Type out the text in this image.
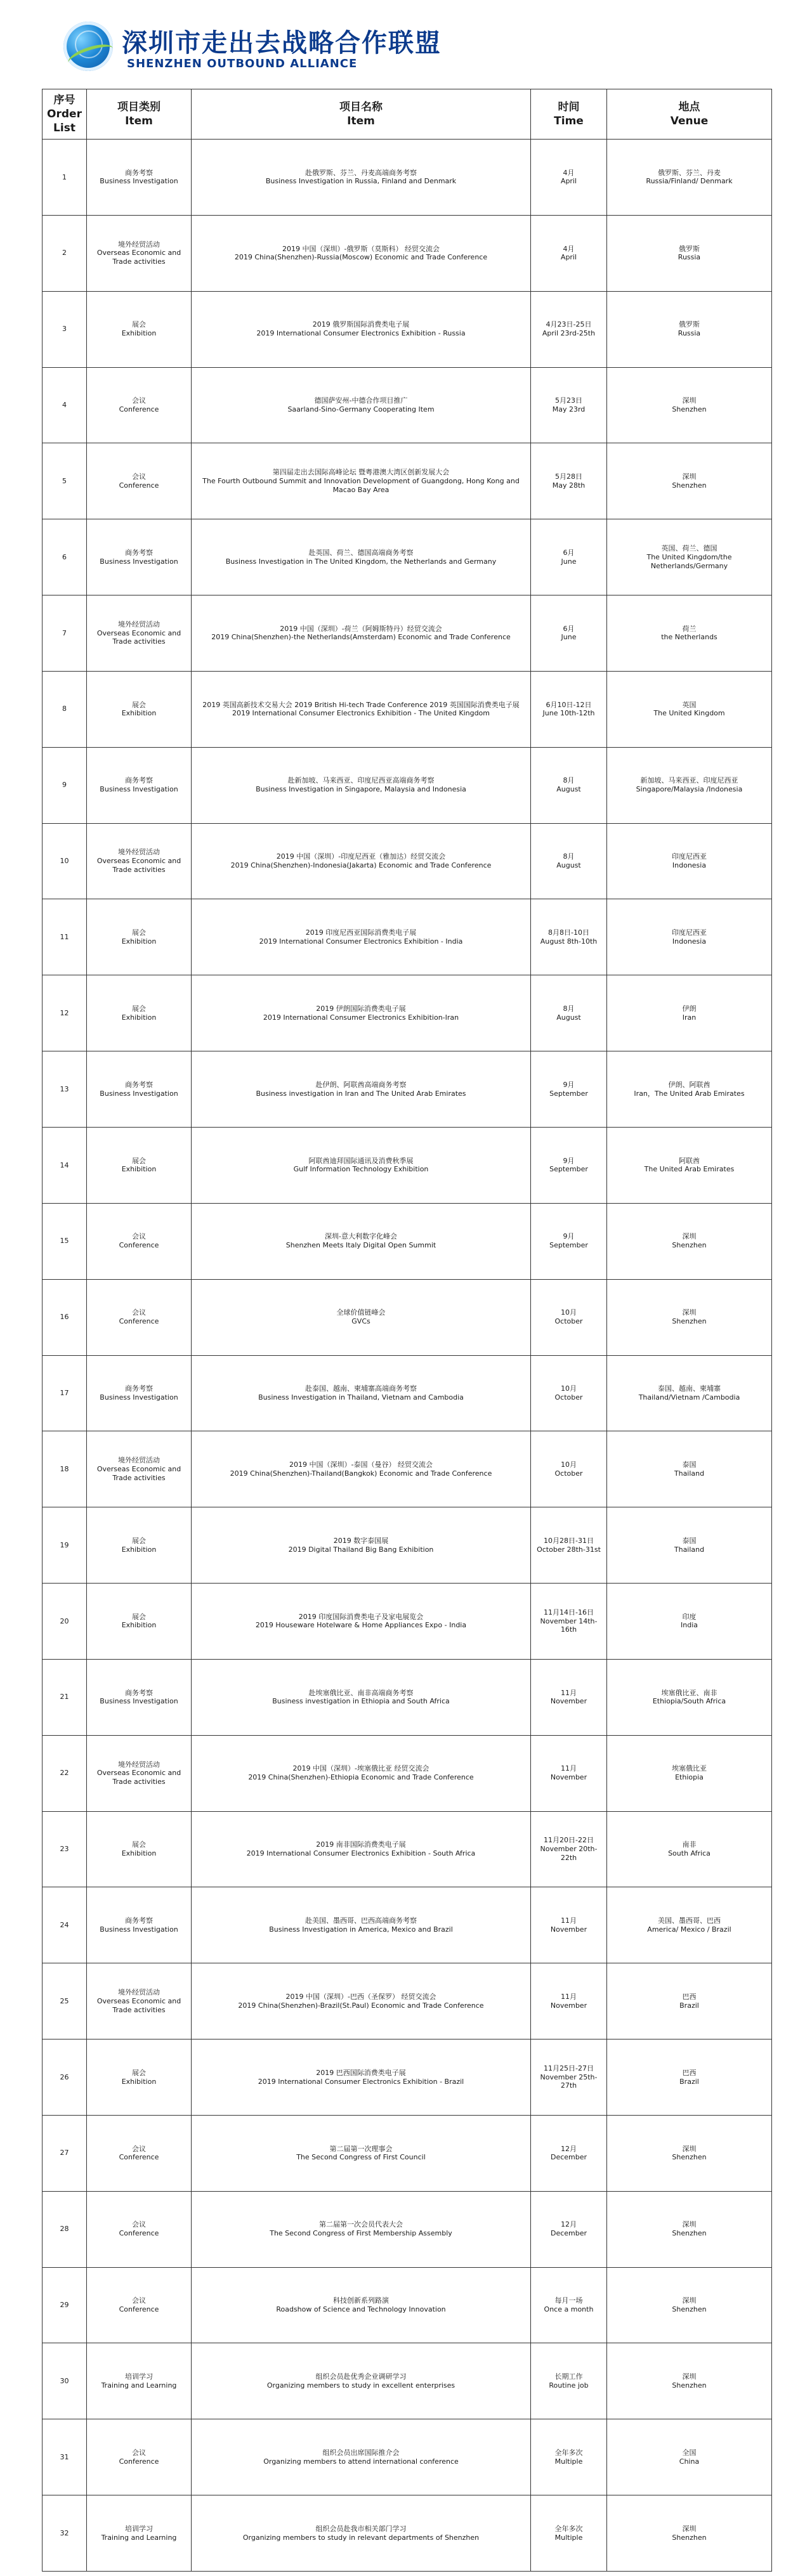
深圳市走出去战略合作联盟
SHENZHEN OUTBOUND ALLIANCE
序号
Order List	项目类别
Item	项目名称
Item	时间
Time	地点
Venue

1	商务考察
Business Investigation	赴俄罗斯、芬兰、丹麦高端商务考察
Business Investigation in Russia, Finland and Denmark	4月
April	俄罗斯、芬兰、丹麦
Russia/Finland/ Denmark

2	境外经贸活动
Overseas Economic and Trade activities	2019 中国（深圳）-俄罗斯（莫斯科） 经贸交流会
2019 China(Shenzhen)-Russia(Moscow) Economic and Trade Conference	4月
April	俄罗斯
Russia

3	展会
Exhibition	2019 俄罗斯国际消费类电子展
2019 International Consumer Electronics Exhibition - Russia	4月23日-25日
April 23rd-25th	俄罗斯
Russia

4	会议
Conference	德国萨安州-中德合作项目推广
Saarland-Sino-Germany Cooperating Item	5月23日
May 23rd	深圳
Shenzhen

5	会议
Conference	第四届走出去国际高峰论坛 暨粤港澳大湾区创新发展大会
The Fourth Outbound Summit and Innovation Development of Guangdong, Hong Kong and Macao Bay Area	5月28日
May 28th	深圳
Shenzhen

6	商务考察
Business Investigation	赴英国、荷兰、德国高端商务考察
Business Investigation in The United Kingdom, the Netherlands and Germany	6月
June	英国、荷兰、德国
The United Kingdom/the Netherlands/Germany

7	境外经贸活动
Overseas Economic and Trade activities	2019 中国（深圳）-荷兰（阿姆斯特丹）经贸交流会
2019 China(Shenzhen)-the Netherlands(Amsterdam) Economic and Trade Conference	6月
June	荷兰
the Netherlands

8	展会
Exhibition	2019 英国高新技术交易大会 2019 British Hi-tech Trade Conference 2019 英国国际消费类电子展
2019 International Consumer Electronics Exhibition - The United Kingdom	6月10日-12日
June 10th-12th	英国
The United Kingdom

9	商务考察
Business Investigation	赴新加坡、马来西亚、印度尼西亚高端商务考察
Business Investigation in Singapore, Malaysia and Indonesia	8月
August	新加坡、马来西亚、印度尼西亚
Singapore/Malaysia /Indonesia

10	境外经贸活动
Overseas Economic and Trade activities	2019 中国（深圳）-印度尼西亚（雅加达）经贸交流会
2019 China(Shenzhen)-Indonesia(Jakarta) Economic and Trade Conference	8月
August	印度尼西亚
Indonesia

11	展会
Exhibition	2019 印度尼西亚国际消费类电子展
2019 International Consumer Electronics Exhibition - India	8月8日-10日
August 8th-10th	印度尼西亚
Indonesia

12	展会
Exhibition	2019 伊朗国际消费类电子展
2019 International Consumer Electronics Exhibition-Iran	8月
August	伊朗
Iran

13	商务考察
Business Investigation	赴伊朗、阿联酋高端商务考察
Business investigation in Iran and The United Arab Emirates	9月
September	伊朗、阿联酋
Iran，The United Arab Emirates

14	展会
Exhibition	阿联酋迪拜国际通讯及消费秋季展
Gulf Information Technology Exhibition	9月
September	阿联酋
The United Arab Emirates

15	会议
Conference	深圳-意大利数字化峰会
Shenzhen Meets Italy Digital Open Summit	9月
September	深圳
Shenzhen

16	会议
Conference	全球价值链峰会
GVCs	10月
October	深圳
Shenzhen

17	商务考察
Business Investigation	赴泰国、越南、柬埔寨高端商务考察
Business Investigation in Thailand, Vietnam and Cambodia	10月
October	泰国、越南、柬埔寨
Thailand/Vietnam /Cambodia

18	境外经贸活动
Overseas Economic and Trade activities	2019 中国（深圳）-泰国（曼谷） 经贸交流会
2019 China(Shenzhen)-Thailand(Bangkok) Economic and Trade Conference	10月
October	泰国
Thailand

19	展会
Exhibition	2019 数字泰国展
2019 Digital Thailand Big Bang Exhibition	10月28日-31日
October 28th-31st	泰国
Thailand

20	展会
Exhibition	2019 印度国际消费类电子及家电展览会
2019 Houseware Hotelware & Home Appliances Expo - India	11月14日-16日
November 14th-16th	印度
India

21	商务考察
Business Investigation	赴埃塞俄比亚、南非高端商务考察
Business investigation in Ethiopia and South Africa	11月
November	埃塞俄比亚、南非
Ethiopia/South Africa

22	境外经贸活动
Overseas Economic and Trade activities	2019 中国（深圳）-埃塞俄比亚 经贸交流会
2019 China(Shenzhen)-Ethiopia Economic and Trade Conference	11月
November	埃塞俄比亚
Ethiopia

23	展会
Exhibition	2019 南非国际消费类电子展
2019 International Consumer Electronics Exhibition - South Africa	11月20日-22日
November 20th-22th	南非
South Africa

24	商务考察
Business Investigation	赴美国、墨西哥、巴西高端商务考察
Business Investigation in America, Mexico and Brazil	11月
November	美国、墨西哥、巴西
America/ Mexico / Brazil

25	境外经贸活动
Overseas Economic and Trade activities	2019 中国（深圳）-巴西（圣保罗） 经贸交流会
2019 China(Shenzhen)-Brazil(St.Paul) Economic and Trade Conference	11月
November	巴西
Brazil

26	展会
Exhibition	2019 巴西国际消费类电子展
2019 International Consumer Electronics Exhibition - Brazil	11月25日-27日
November 25th-27th	巴西
Brazil

27	会议
Conference	第二届第一次理事会
The Second Congress of First Council	12月
December	深圳
Shenzhen

28	会议
Conference	第二届第一次会员代表大会
The Second Congress of First Membership Assembly	12月
December	深圳
Shenzhen

29	会议
Conference	科技创新系列路演
Roadshow of Science and Technology Innovation	每月一场
Once a month	深圳
Shenzhen

30	培训学习
Training and Learning	组织会员赴优秀企业调研学习
Organizing members to study in excellent enterprises	长期工作
Routine job	深圳
Shenzhen

31	会议
Conference	组织会员出席国际推介会
Organizing members to attend international conference	全年多次
Multiple	全国
China

32	培训学习
Training and Learning	组织会员赴我市相关部门学习
Organizing members to study in relevant departments of Shenzhen	全年多次
Multiple	深圳
Shenzhen
